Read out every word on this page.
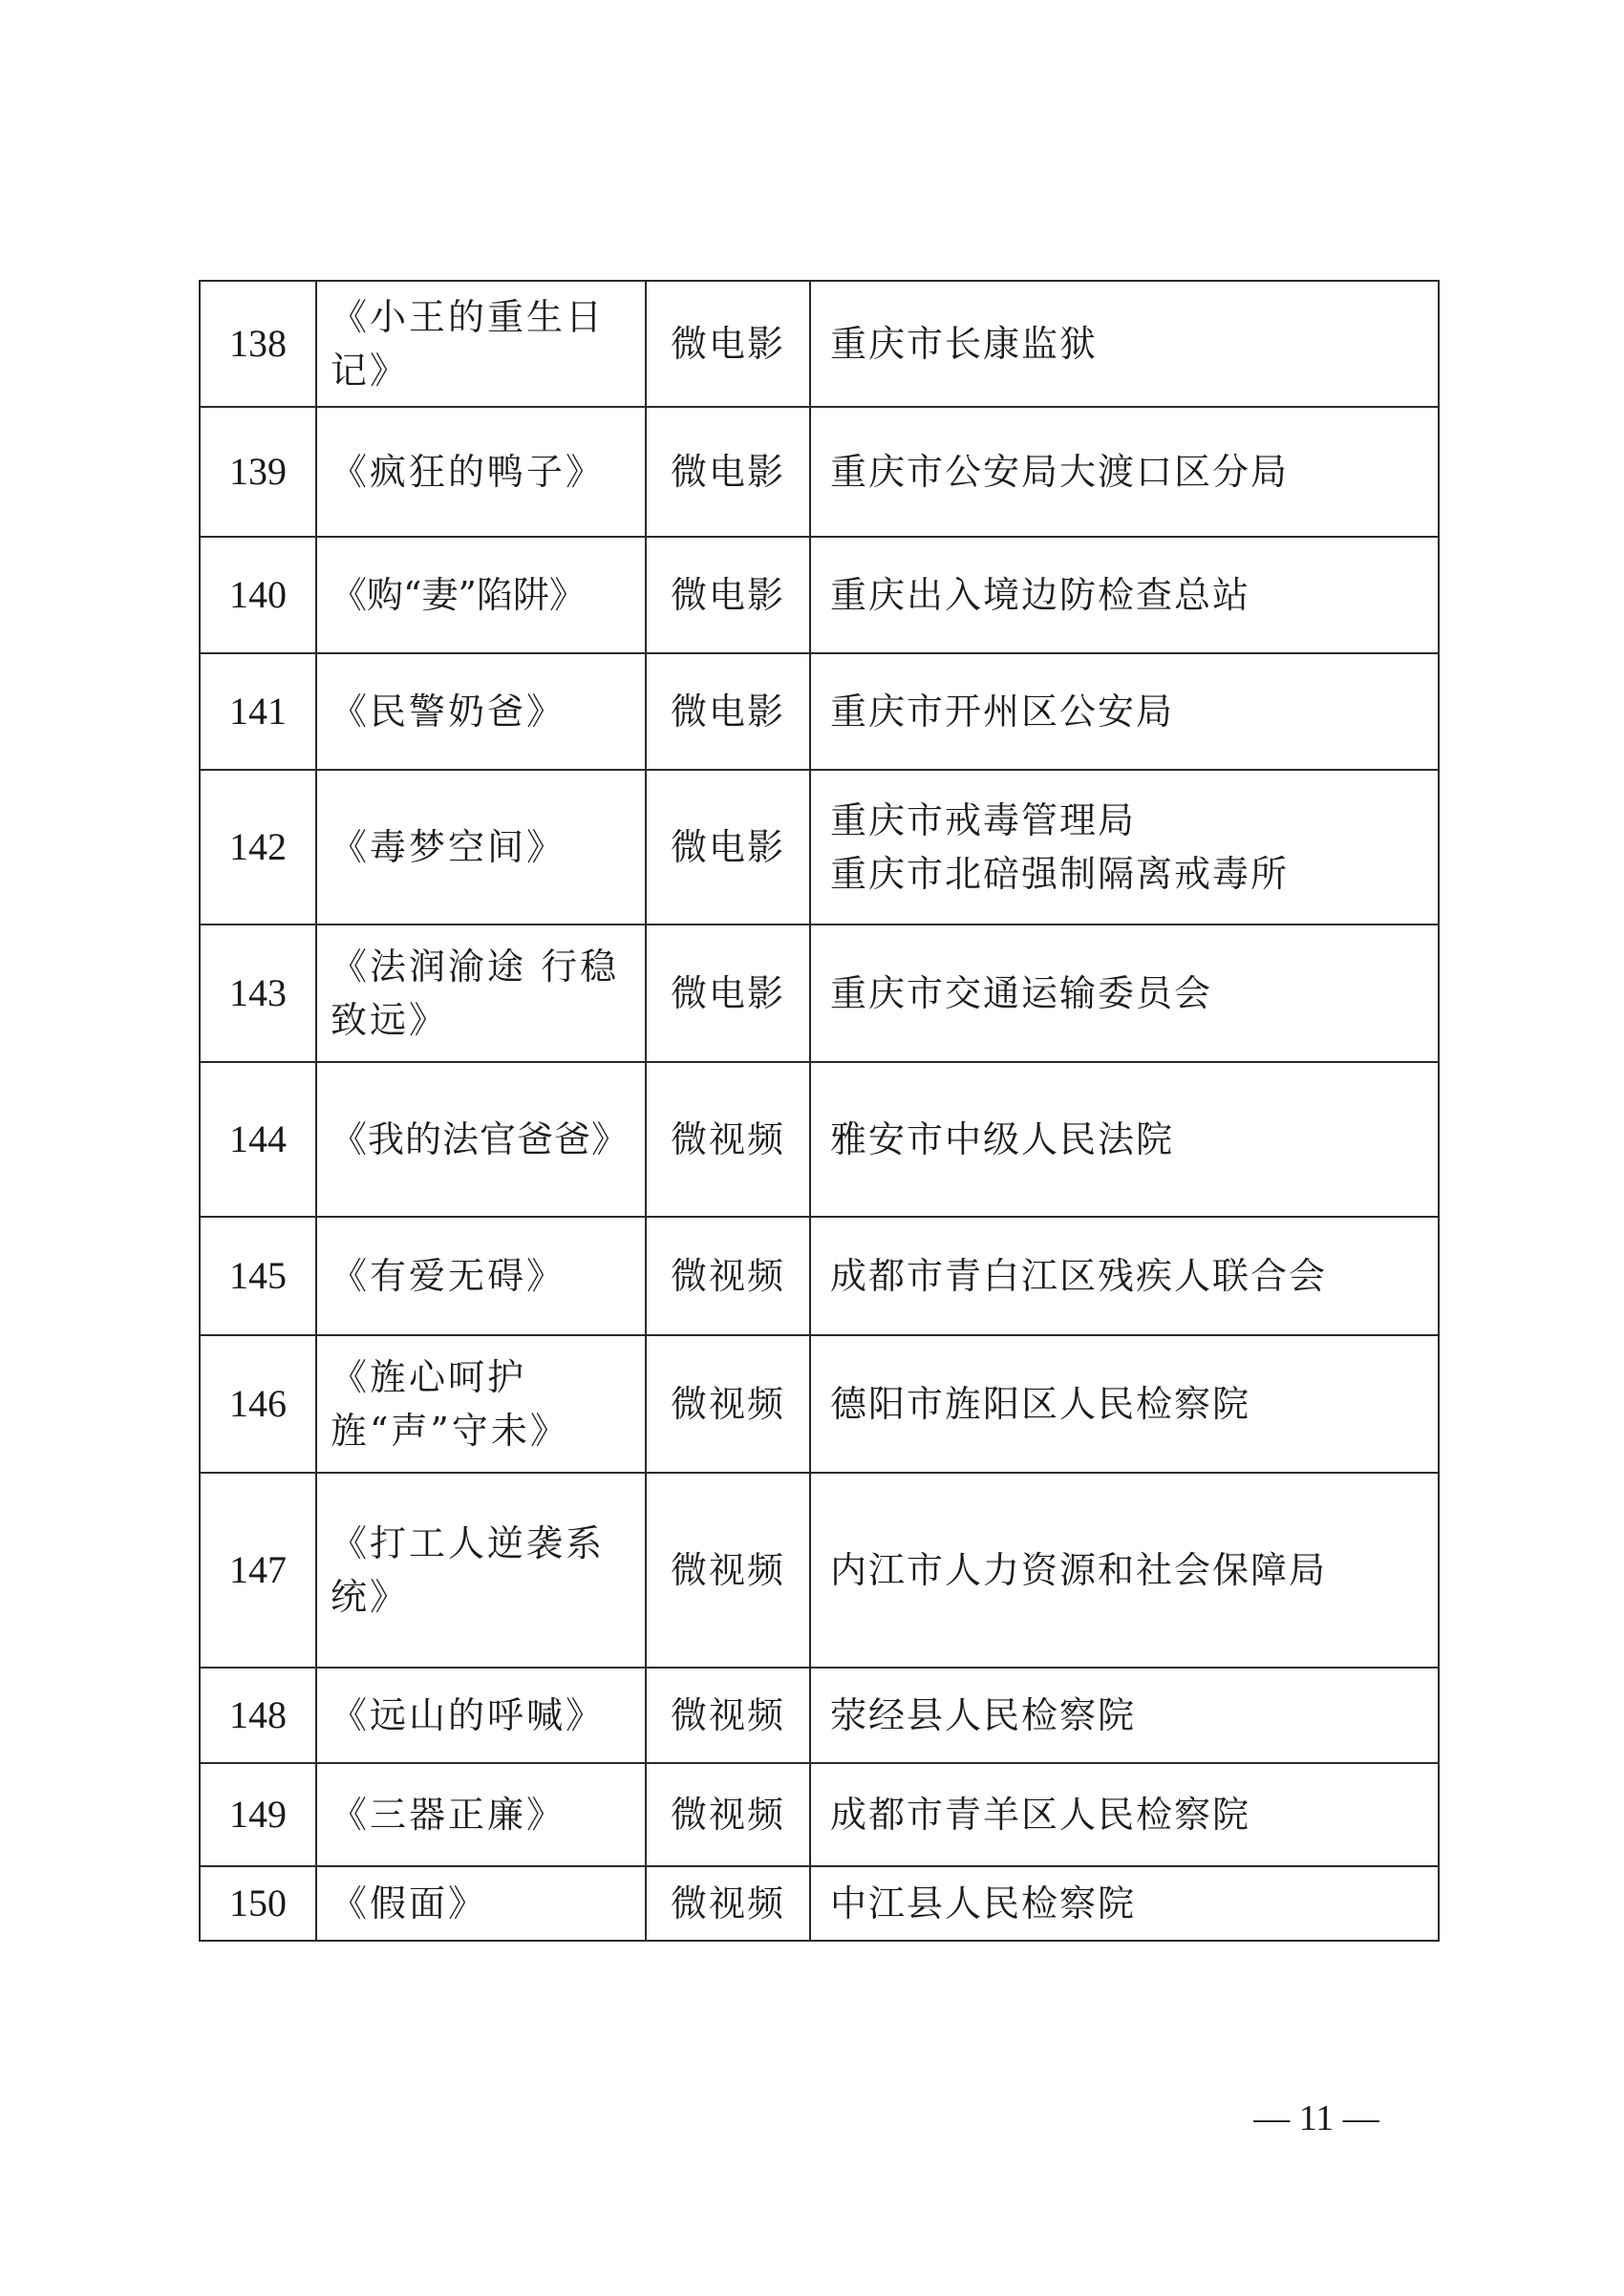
138	《小王的重生日记》	微电影	重庆市长康监狱

139	《疯狂的鸭子》	微电影	重庆市公安局大渡口区分局

140	《购“妻”陷阱》	微电影	重庆出入境边防检查总站

141	《民警奶爸》	微电影	重庆市开州区公安局

142	《毒梦空间》	微电影	重庆市戒毒管理局
重庆市北碚强制隔离戒毒所

143	《法润渝途 行稳致远》	微电影	重庆市交通运输委员会

144	《我的法官爸爸》	微视频	雅安市中级人民法院

145	《有爱无碍》	微视频	成都市青白江区残疾人联合会

146	《旌心呵护 旌“声”守未》	微视频	德阳市旌阳区人民检察院

147	《打工人逆袭系统》	微视频	内江市人力资源和社会保障局

148	《远山的呼喊》	微视频	荥经县人民检察院

149	《三器正廉》	微视频	成都市青羊区人民检察院

150	《假面》	微视频	中江县人民检察院
— 11 —
